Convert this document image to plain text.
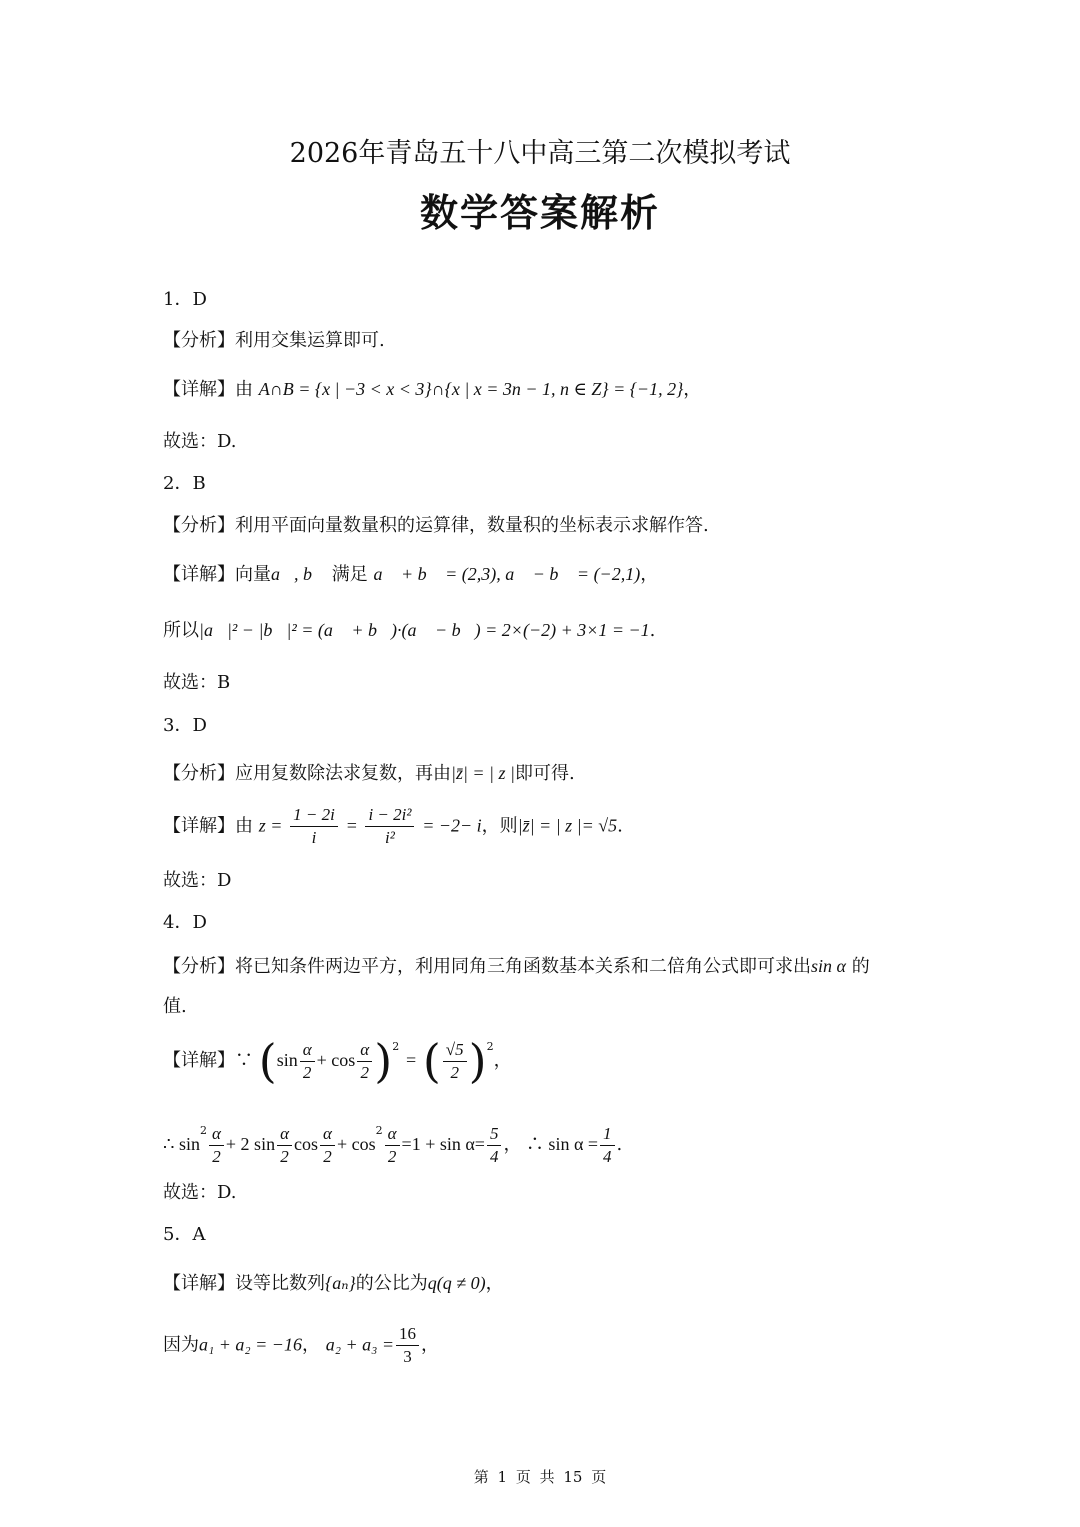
2026年青岛五十八中高三第二次模拟考试
数学答案解析
1．D
【分析】利用交集运算即可.
【详解】由 A∩B = {x | −3 < x < 3}∩{x | x = 3n − 1, n ∈ Z} = {−1, 2}，
故选：D.
2．B
【分析】利用平面向量数量积的运算律，数量积的坐标表示求解作答.
【详解】向量a⃗, b⃗ 满足 a⃗ + b⃗ = (2,3), a⃗ − b⃗ = (−2,1)，
所以|a⃗|² − |b⃗|² = (a⃗ + b⃗)·(a⃗ − b⃗) = 2×(−2) + 3×1 = −1.
故选：B
3．D
【分析】应用复数除法求复数，再由|z̄| = | z |即可得.
【详解】由 $z = \frac{1 - 2i}{i} = \frac{\text{i − 2i²}}{\text{i²}} = -2- i$，则|z̄| = | z |= √5.
故选：D
4．D
【分析】将已知条件两边平方，利用同角三角函数基本关系和二倍角公式即可求出sin α 的
值.
【详解】∵ $(\sin \frac{\alpha}{2} + \cos \frac{\alpha}{2} )^2$ = ( $\frac{√5}{2} )^2$，
∴ $\sin^2 \frac{\alpha}{2} + 2$ $\sin \frac{\alpha}{2}$ $\cos \frac{\alpha}{2} + \cos^2 \frac{\alpha}{2} =1 + \sin \alpha= \frac{5}{4}$ ， ∴ $\sin \alpha = \frac{1}{4}$ .
故选：D.
5．A
【详解】设等比数列{aₙ}的公比为q(q ≠ 0)，
因为a₁ + a₂ = −16， $a_2 + a_3 = \frac{16}{3}$ ，
第 1 页 共 15 页
